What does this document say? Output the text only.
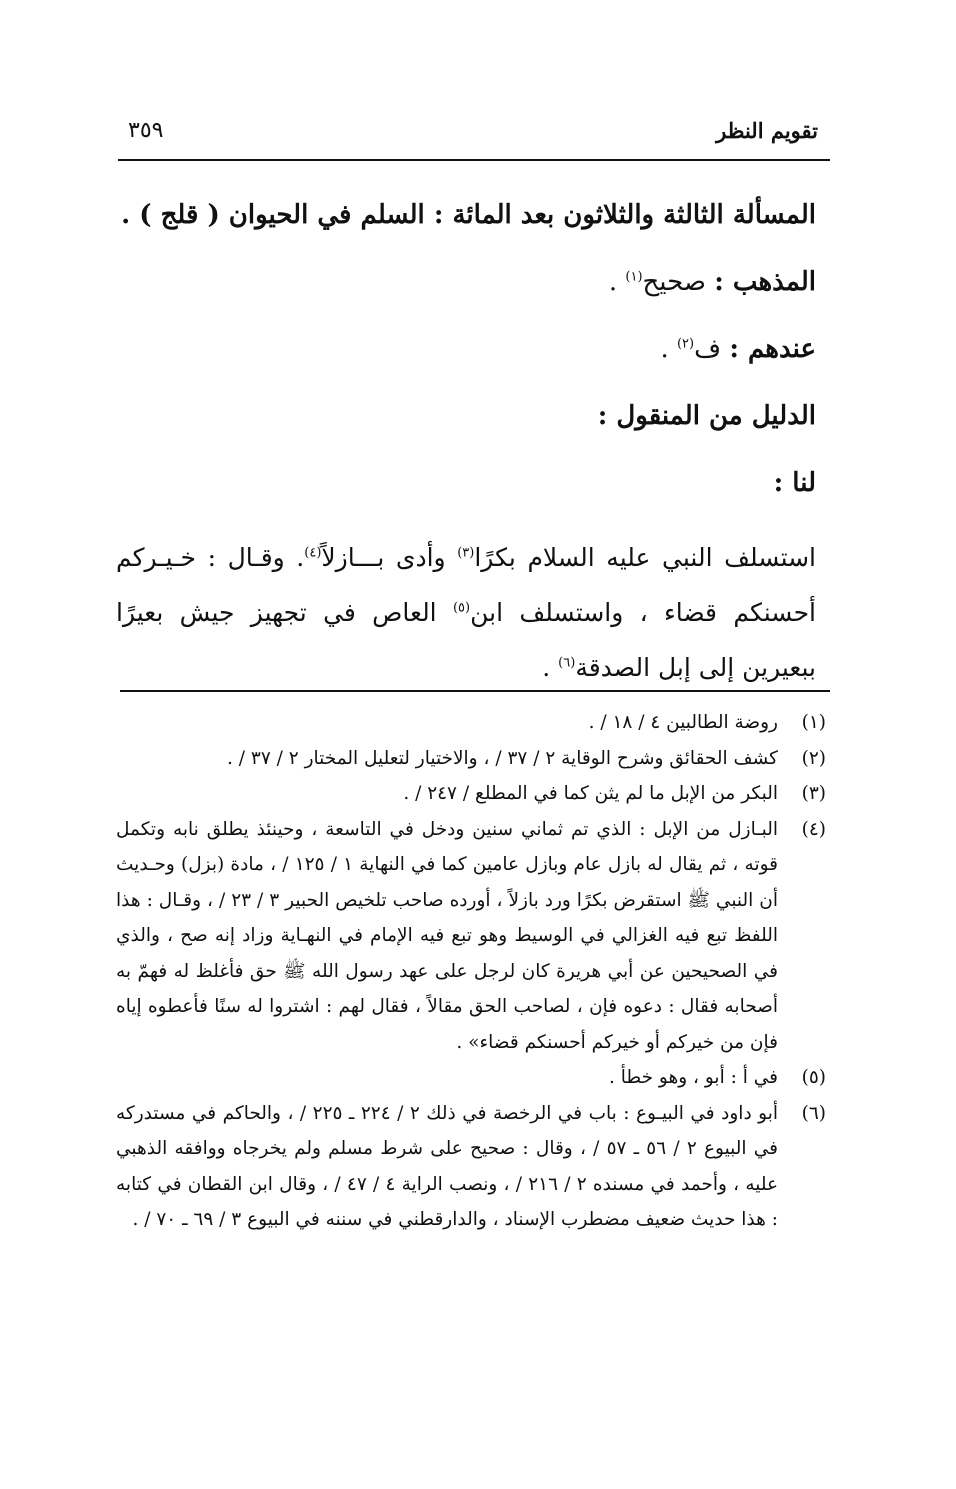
تقويم النظر
٣٥٩
المسألة الثالثة والثلاثون بعد المائة : السلم في الحيوان ( قلج ) .
المذهب : صحيح$^{(١)}$ .
عندهم : ف$^{(٢)}$ .
الدليل من المنقول :
لنا :
استسلف النبي عليه السلام بكرًا$^{(٣)}$ وأدى بـــازلاً$^{(٤)}$. وقـال : خـيـركم أحسنكم قضاء ، واستسلف ابن$^{(٥)}$ العاص في تجهيز جيش بعيرًا ببعيرين إلى إبل الصدقة$^{(٦)}$ .
(١)
روضة الطالبين ٤ / ١٨ / .
(٢)
كشف الحقائق وشرح الوقاية ٢ / ٣٧ / ، والاختيار لتعليل المختار ٢ / ٣٧ / .
(٣)
البكر من الإبل ما لم يثن كما في المطلع / ٢٤٧ / .
(٤)
البـازل من الإبل : الذي تم ثماني سنين ودخل في التاسعة ، وحينئذ يطلق نابه وتكمل قوته ، ثم يقال له بازل عام وبازل عامين كما في النهاية ١ / ١٢٥ / ، مادة (بزل) وحـديث أن النبي ﷺ استقرض بكرًا ورد بازلاً ، أورده صاحب تلخيص الحبير ٣ / ٢٣ / ، وقـال : هذا اللفظ تبع فيه الغزالي في الوسيط وهو تبع فيه الإمام في النهـاية وزاد إنه صح ، والذي في الصحيحين عن أبي هريرة كان لرجل على عهد رسول الله ﷺ حق فأغلظ له فهمّ به أصحابه فقال : دعوه فإن ، لصاحب الحق مقالاً ، فقال لهم : اشتروا له سنًا فأعطوه إياه فإن من خيركم أو خيركم أحسنكم قضاء» .
(٥)
في أ : أبو ، وهو خطأ .
(٦)
أبو داود في البيـوع : باب في الرخصة في ذلك ٢ / ٢٢٤ ـ ٢٢٥ / ، والحاكم في مستدركه في البيوع ٢ / ٥٦ ـ ٥٧ / ، وقال : صحيح على شرط مسلم ولم يخرجاه ووافقه الذهبي عليه ، وأحمد في مسنده ٢ / ٢١٦ / ، ونصب الراية ٤ / ٤٧ / ، وقال ابن القطان في كتابه : هذا حديث ضعيف مضطرب الإسناد ، والدارقطني في سننه في البيوع ٣ / ٦٩ ـ ٧٠ / .
